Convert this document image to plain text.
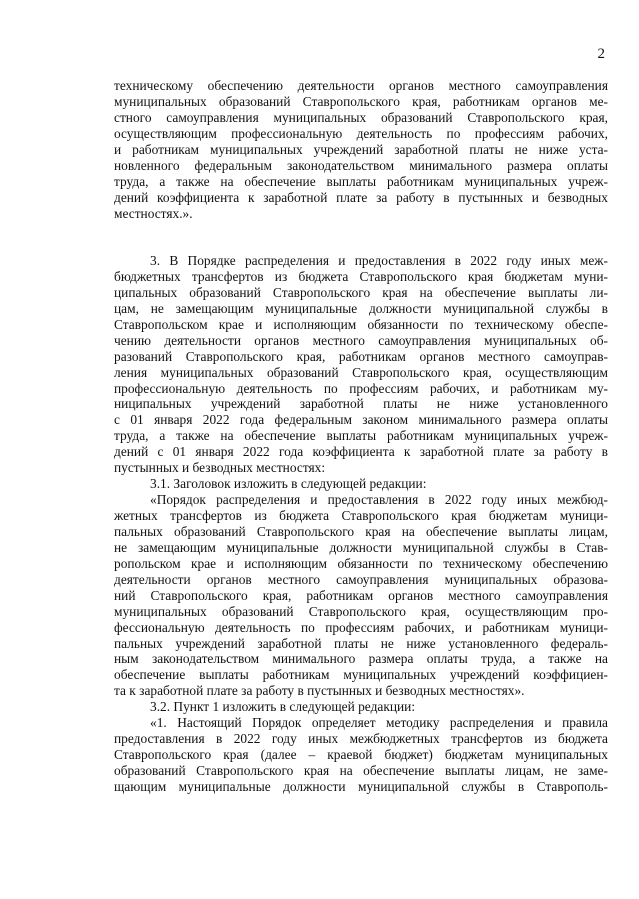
2
техническому обеспечению деятельности органов местного самоуправления
муниципальных образований Ставропольского края, работникам органов ме-
стного самоуправления муниципальных образований Ставропольского края,
осуществляющим профессиональную деятельность по профессиям рабочих,
и работникам муниципальных учреждений заработной платы не ниже уста-
новленного федеральным законодательством минимального размера оплаты
труда, а также на обеспечение выплаты работникам муниципальных учреж-
дений коэффициента к заработной плате за работу в пустынных и безводных
местностях.».
3. В Порядке распределения и предоставления в 2022 году иных меж-
бюджетных трансфертов из бюджета Ставропольского края бюджетам муни-
ципальных образований Ставропольского края на обеспечение выплаты ли-
цам, не замещающим муниципальные должности муниципальной службы в
Ставропольском крае и исполняющим обязанности по техническому обеспе-
чению деятельности органов местного самоуправления муниципальных об-
разований Ставропольского края, работникам органов местного самоуправ-
ления муниципальных образований Ставропольского края, осуществляющим
профессиональную деятельность по профессиям рабочих, и работникам му-
ниципальных учреждений заработной платы не ниже установленного
с 01 января 2022 года федеральным законом минимального размера оплаты
труда, а также на обеспечение выплаты работникам муниципальных учреж-
дений с 01 января 2022 года коэффициента к заработной плате за работу в
пустынных и безводных местностях:
3.1. Заголовок изложить в следующей редакции:
«Порядок распределения и предоставления в 2022 году иных межбюд-
жетных трансфертов из бюджета Ставропольского края бюджетам муници-
пальных образований Ставропольского края на обеспечение выплаты лицам,
не замещающим муниципальные должности муниципальной службы в Став-
ропольском крае и исполняющим обязанности по техническому обеспечению
деятельности органов местного самоуправления муниципальных образова-
ний Ставропольского края, работникам органов местного самоуправления
муниципальных образований Ставропольского края, осуществляющим про-
фессиональную деятельность по профессиям рабочих, и работникам муници-
пальных учреждений заработной платы не ниже установленного федераль-
ным законодательством минимального размера оплаты труда, а также на
обеспечение выплаты работникам муниципальных учреждений коэффициен-
та к заработной плате за работу в пустынных и безводных местностях».
3.2. Пункт 1 изложить в следующей редакции:
«1. Настоящий Порядок определяет методику распределения и правила
предоставления в 2022 году иных межбюджетных трансфертов из бюджета
Ставропольского края (далее – краевой бюджет) бюджетам муниципальных
образований Ставропольского края на обеспечение выплаты лицам, не заме-
щающим муниципальные должности муниципальной службы в Ставрополь-
